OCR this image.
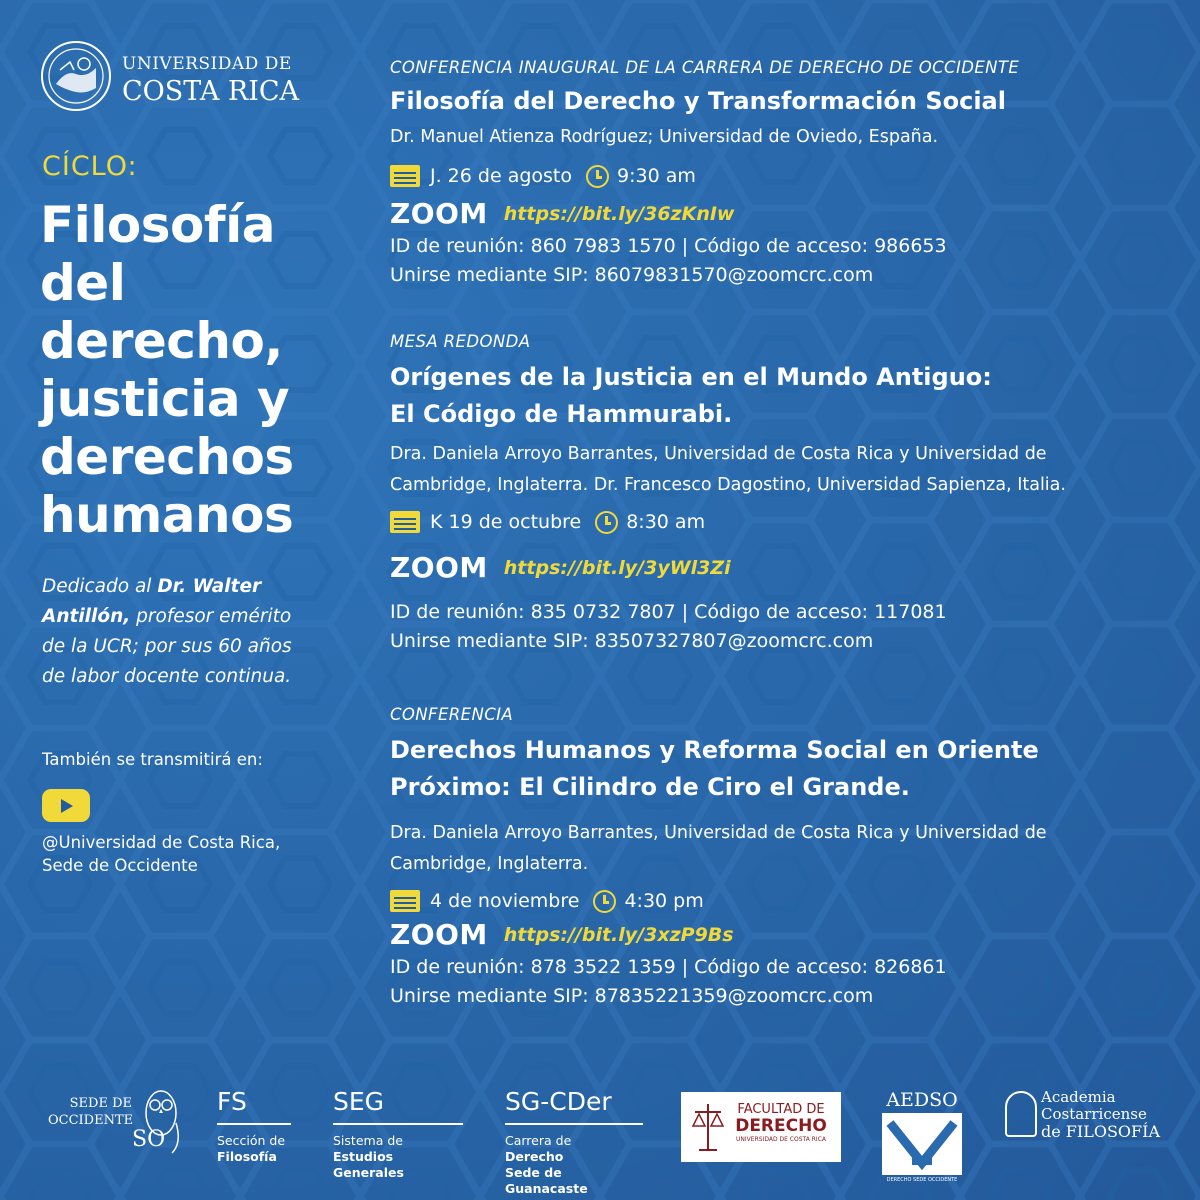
UNIVERSIDAD DE
COSTA RICA
CÍCLO:
Filosofía
del
derecho,
justicia y
derechos
humanos
Dedicado al Dr. Walter Antillón, profesor emérito de la UCR; por sus 60 años de labor docente continua.
También se transmitirá en:
@Universidad de Costa Rica,
Sede de Occidente
CONFERENCIA INAUGURAL DE LA CARRERA DE DERECHO DE OCCIDENTE
Filosofía del Derecho y Transformación Social
Dr. Manuel Atienza Rodríguez; Universidad de Oviedo, España.
J. 26 de agosto 9:30 am
ZOOM https://bit.ly/36zKnIw
ID de reunión: 860 7983 1570 | Código de acceso: 986653
Unirse mediante SIP: 86079831570@zoomcrc.com
MESA REDONDA
Orígenes de la Justicia en el Mundo Antiguo:
El Código de Hammurabi.
Dra. Daniela Arroyo Barrantes, Universidad de Costa Rica y Universidad de
Cambridge, Inglaterra. Dr. Francesco Dagostino, Universidad Sapienza, Italia.
K 19 de octubre 8:30 am
ZOOM https://bit.ly/3yWl3Zi
ID de reunión: 835 0732 7807 | Código de acceso: 117081
Unirse mediante SIP: 83507327807@zoomcrc.com
CONFERENCIA
Derechos Humanos y Reforma Social en Oriente
Próximo: El Cilindro de Ciro el Grande.
Dra. Daniela Arroyo Barrantes, Universidad de Costa Rica y Universidad de
Cambridge, Inglaterra.
4 de noviembre 4:30 pm
ZOOM https://bit.ly/3xzP9Bs
ID de reunión: 878 3522 1359 | Código de acceso: 826861
Unirse mediante SIP: 87835221359@zoomcrc.com
SEDE DE
OCCIDENTE
SO
FS
Sección de
Filosofía
SEG
Sistema de
Estudios Generales
SG-CDer
Carrera de
Derecho
Sede de Guanacaste
FACULTAD DE
DERECHO
UNIVERSIDAD DE COSTA RICA
AEDSO
DERECHO SEDE OCCIDENTE
Academia
Costarricense
de FILOSOFÍA
